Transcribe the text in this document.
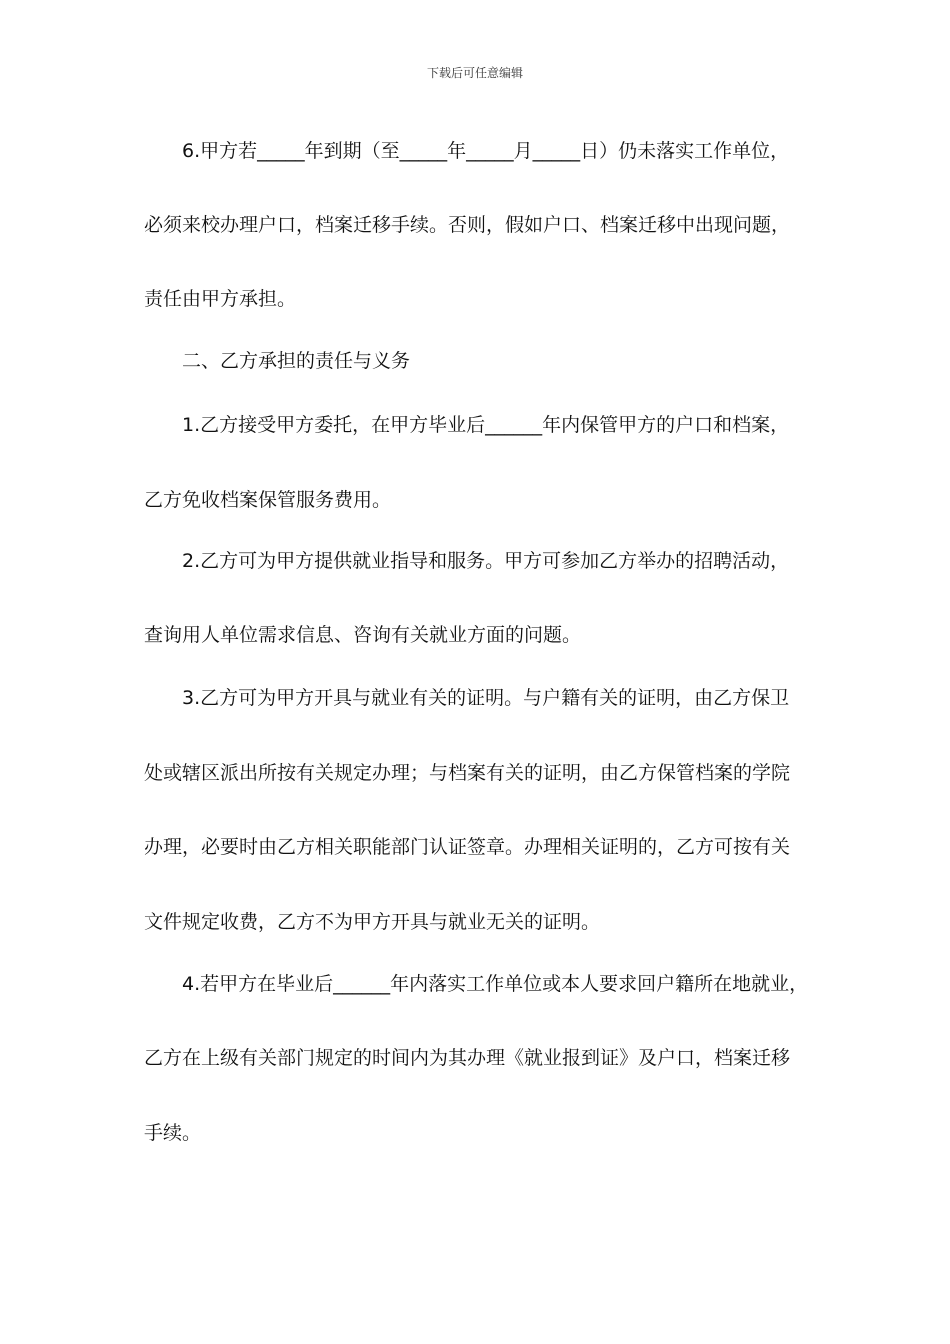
下载后可任意编辑
6.甲方若_____年到期（至_____年_____月_____日）仍未落实工作单位，
必须来校办理户口，档案迁移手续。否则，假如户口、档案迁移中出现问题，
责任由甲方承担。
二、乙方承担的责任与义务
1.乙方接受甲方委托，在甲方毕业后______年内保管甲方的户口和档案，
乙方免收档案保管服务费用。
2.乙方可为甲方提供就业指导和服务。甲方可参加乙方举办的招聘活动，
查询用人单位需求信息、咨询有关就业方面的问题。
3.乙方可为甲方开具与就业有关的证明。与户籍有关的证明，由乙方保卫
处或辖区派出所按有关规定办理；与档案有关的证明，由乙方保管档案的学院
办理，必要时由乙方相关职能部门认证签章。办理相关证明的，乙方可按有关
文件规定收费，乙方不为甲方开具与就业无关的证明。
4.若甲方在毕业后______年内落实工作单位或本人要求回户籍所在地就业，
乙方在上级有关部门规定的时间内为其办理《就业报到证》及户口，档案迁移
手续。
